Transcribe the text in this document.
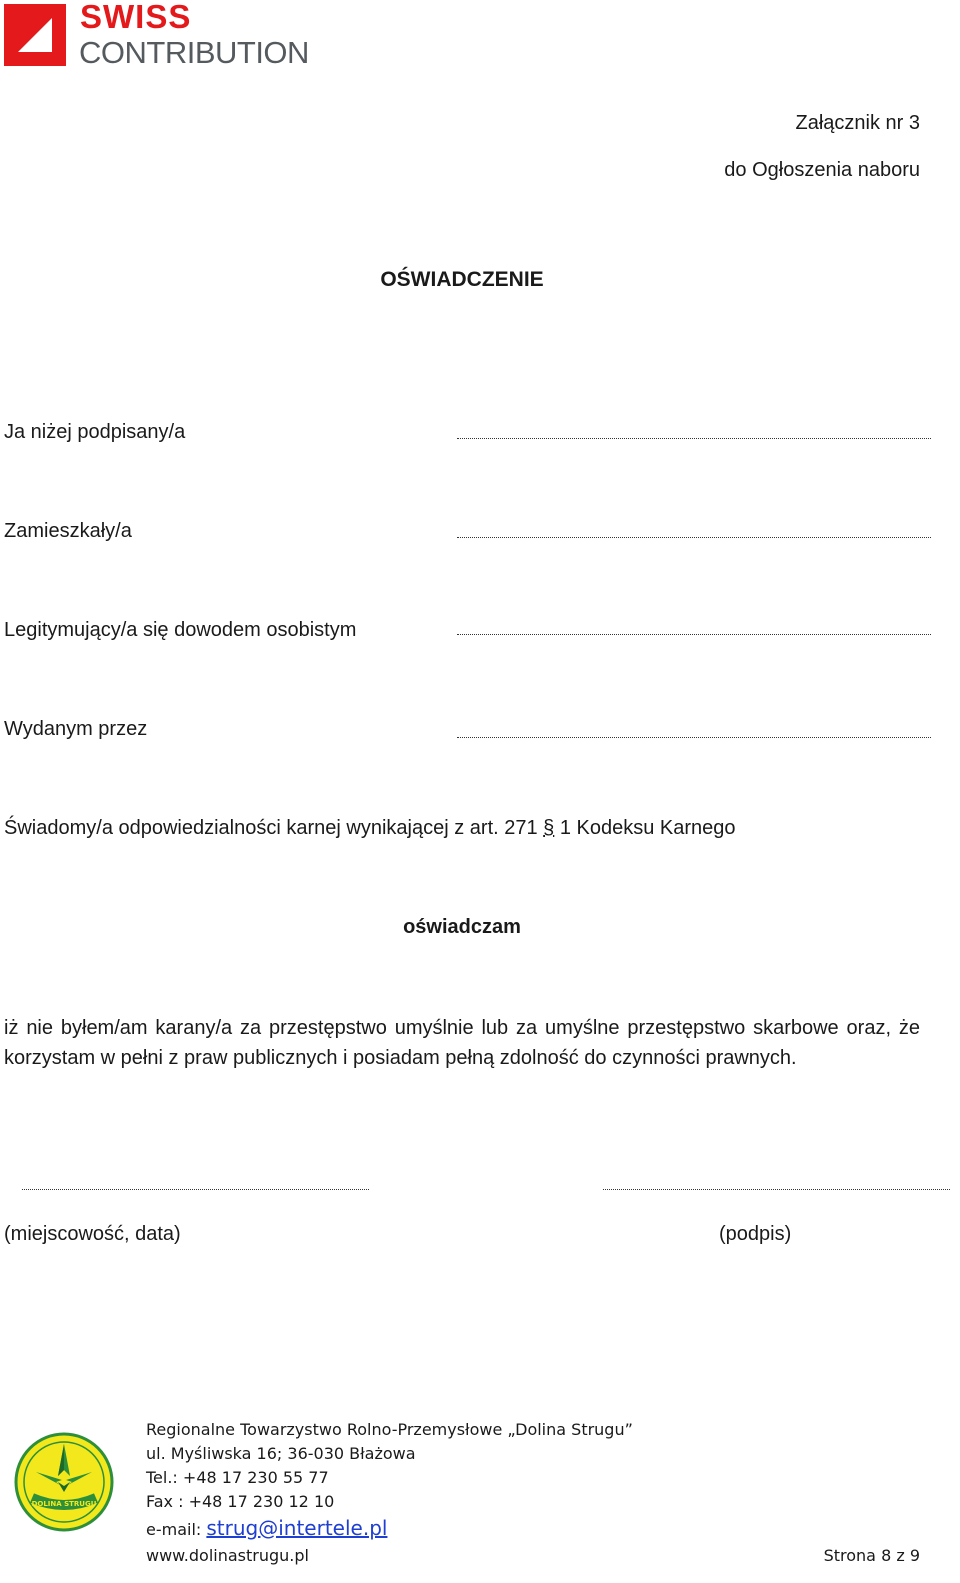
SWISS
CONTRIBUTION
Załącznik nr 3
do Ogłoszenia naboru
OŚWIADCZENIE
Ja niżej podpisany/a
Zamieszkały/a
Legitymujący/a się dowodem osobistym
Wydanym przez
Świadomy/a odpowiedzialności karnej wynikającej z art. 271 § 1 Kodeksu Karnego
oświadczam
iż nie byłem/am karany/a za przestępstwo umyślnie lub za umyślne przestępstwo skarbowe oraz, że korzystam w pełni z praw publicznych i posiadam pełną zdolność do czynności prawnych.
(miejscowość, data)	(podpis)
DOLINA STRUGU
Regionalne Towarzystwo Rolno-Przemysłowe „Dolina Strugu”
ul. Myśliwska 16; 36-030 Błażowa
Tel.: +48 17 230 55 77
Fax : +48 17 230 12 10
e-mail: strug@intertele.pl
www.dolinastrugu.pl	Strona 8 z 9
